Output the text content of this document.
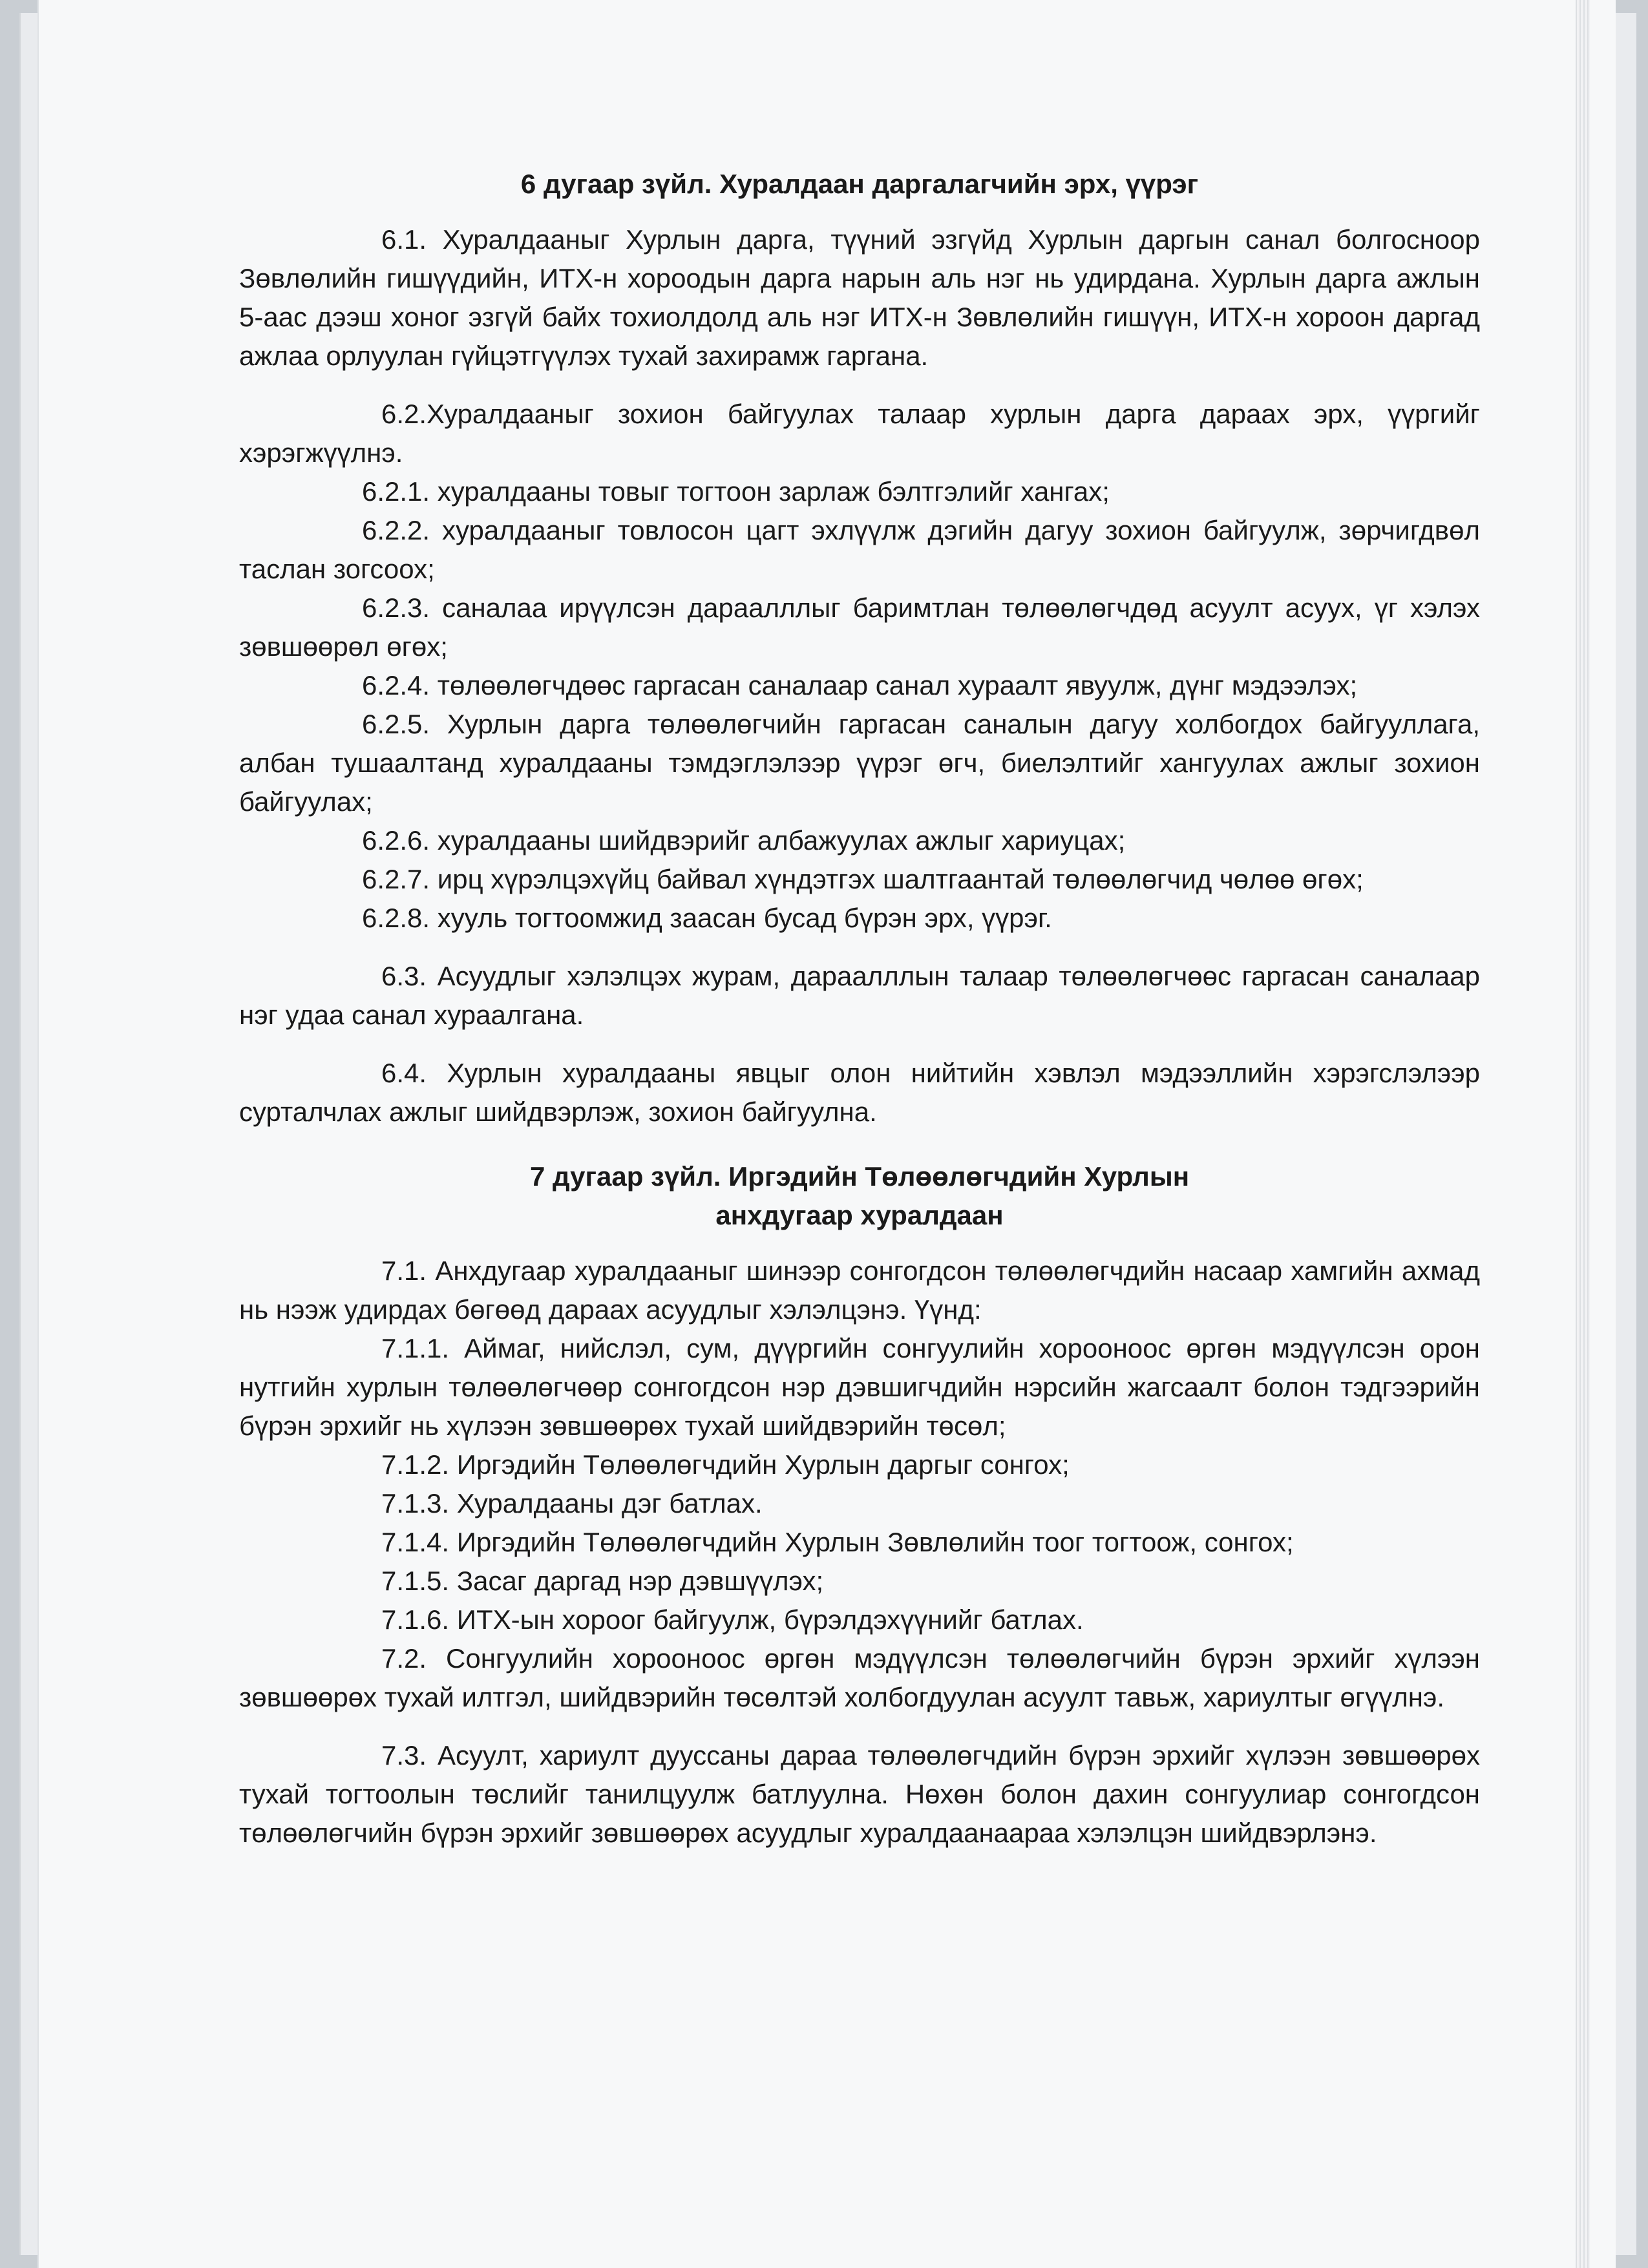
6 дугаар зүйл. Хуралдаан даргалагчийн эрх, үүрэг

6.1. Хуралдааныг Хурлын дарга, түүний эзгүйд Хурлын даргын санал болгосноор Зөвлөлийн гишүүдийн, ИТХ-н хороодын дарга нарын аль нэг нь удирдана. Хурлын дарга ажлын 5-аас дээш хоног эзгүй байх тохиолдолд аль нэг ИТХ-н Зөвлөлийн гишүүн, ИТХ-н хороон даргад ажлаа орлуулан гүйцэтгүүлэх тухай захирамж гаргана.

6.2.Хуралдааныг зохион байгуулах талаар хурлын дарга дараах эрх, үүргийг хэрэгжүүлнэ.

6.2.1. хуралдааны товыг тогтоон зарлаж бэлтгэлийг хангах;

6.2.2. хуралдааныг товлосон цагт эхлүүлж дэгийн дагуу зохион байгуулж, зөрчигдвөл таслан зогсоох;

6.2.3. саналаа ирүүлсэн дараалллыг баримтлан төлөөлөгчдөд асуулт асуух, үг хэлэх зөвшөөрөл өгөх;

6.2.4. төлөөлөгчдөөс гаргасан саналаар санал хураалт явуулж, дүнг мэдээлэх;

6.2.5. Хурлын дарга төлөөлөгчийн гаргасан саналын дагуу холбогдох байгууллага, албан тушаалтанд хуралдааны тэмдэглэлээр үүрэг өгч, биелэлтийг хангуулах ажлыг зохион байгуулах;

6.2.6. хуралдааны шийдвэрийг албажуулах ажлыг хариуцах;

6.2.7. ирц хүрэлцэхүйц байвал хүндэтгэх шалтгаантай төлөөлөгчид чөлөө өгөх;

6.2.8. хууль тогтоомжид заасан бусад бүрэн эрх, үүрэг.

6.3. Асуудлыг хэлэлцэх журам, дараалллын талаар төлөөлөгчөөс гаргасан саналаар нэг удаа санал хураалгана.

6.4. Хурлын хуралдааны явцыг олон нийтийн хэвлэл мэдээллийн хэрэгслэлээр сурталчлах ажлыг шийдвэрлэж, зохион байгуулна.

7 дугаар зүйл. Иргэдийн Төлөөлөгчдийн Хурлын
анхдугаар хуралдаан

7.1. Анхдугаар хуралдааныг шинээр сонгогдсон төлөөлөгчдийн насаар хамгийн ахмад нь нээж удирдах бөгөөд дараах асуудлыг хэлэлцэнэ. Үүнд:

7.1.1. Аймаг, нийслэл, сум, дүүргийн сонгуулийн хорооноос өргөн мэдүүлсэн орон нутгийн хурлын төлөөлөгчөөр сонгогдсон нэр дэвшигчдийн нэрсийн жагсаалт болон тэдгээрийн бүрэн эрхийг нь хүлээн зөвшөөрөх тухай шийдвэрийн төсөл;

7.1.2. Иргэдийн Төлөөлөгчдийн Хурлын даргыг сонгох;

7.1.3. Хуралдааны дэг батлах.

7.1.4. Иргэдийн Төлөөлөгчдийн Хурлын Зөвлөлийн тоог тогтоож, сонгох;

7.1.5. Засаг даргад нэр дэвшүүлэх;

7.1.6. ИТХ-ын хороог байгуулж, бүрэлдэхүүнийг батлах.

7.2. Сонгуулийн хорооноос өргөн мэдүүлсэн төлөөлөгчийн бүрэн эрхийг хүлээн зөвшөөрөх тухай илтгэл, шийдвэрийн төсөлтэй холбогдуулан асуулт тавьж, хариултыг өгүүлнэ.

7.3. Асуулт, хариулт дууссаны дараа төлөөлөгчдийн бүрэн эрхийг хүлээн зөвшөөрөх тухай тогтоолын төслийг танилцуулж батлуулна. Нөхөн болон дахин сонгуулиар сонгогдсон төлөөлөгчийн бүрэн эрхийг зөвшөөрөх асуудлыг хуралдаанаараа хэлэлцэн шийдвэрлэнэ.
